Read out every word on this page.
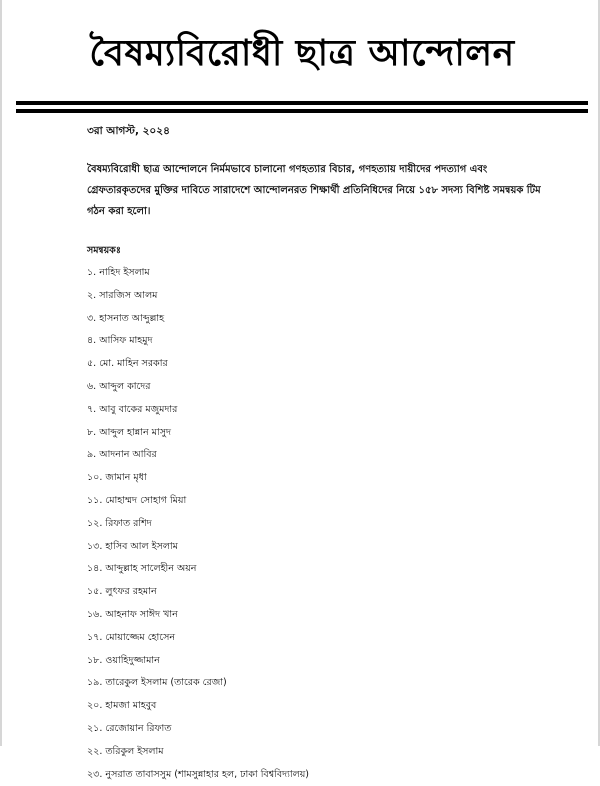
বৈষম্যবিরোধী ছাত্র আন্দোলন
৩রা আগস্ট, ২০২৪
বৈষম্যবিরোধী ছাত্র আন্দোলনে নির্মমভাবে চালানো গণহত্যার বিচার, গণহত্যায় দায়ীদের পদত্যাগ এবং গ্রেফতারকৃতদের মুক্তির দাবিতে সারাদেশে আন্দোলনরত শিক্ষার্থী প্রতিনিধিদের নিয়ে ১৫৮ সদস্য বিশিষ্ট সমন্বয়ক টিম গঠন করা হলো।
সমন্বয়কঃ
১. নাহিদ ইসলাম
২. সারজিস আলম
৩. হাসনাত আব্দুল্লাহ
৪. আসিফ মাহমুদ
৫. মো. মাহিন সরকার
৬. আব্দুল কাদের
৭. আবু বাকের মজুমদার
৮. আব্দুল হান্নান মাসুদ
৯. আদনান আবির
১০. জামান মৃধা
১১. মোহাম্মদ সোহাগ মিয়া
১২. রিফাত রশিদ
১৩. হাসিব আল ইসলাম
১৪. আব্দুল্লাহ সালেহীন অয়ন
১৫. লুৎফর রহমান
১৬. আহনাফ সাঈদ খান
১৭. মোয়াজ্জেম হোসেন
১৮. ওয়াহিদুজ্জামান
১৯. তারেকুল ইসলাম (তারেক রেজা)
২০. হামজা মাহবুব
২১. রেজোয়ান রিফাত
২২. তরিকুল ইসলাম
২৩. নুসরাত তাবাসসুম (শামসুন্নাহার হল, ঢাকা বিশ্ববিদ্যালয়)
